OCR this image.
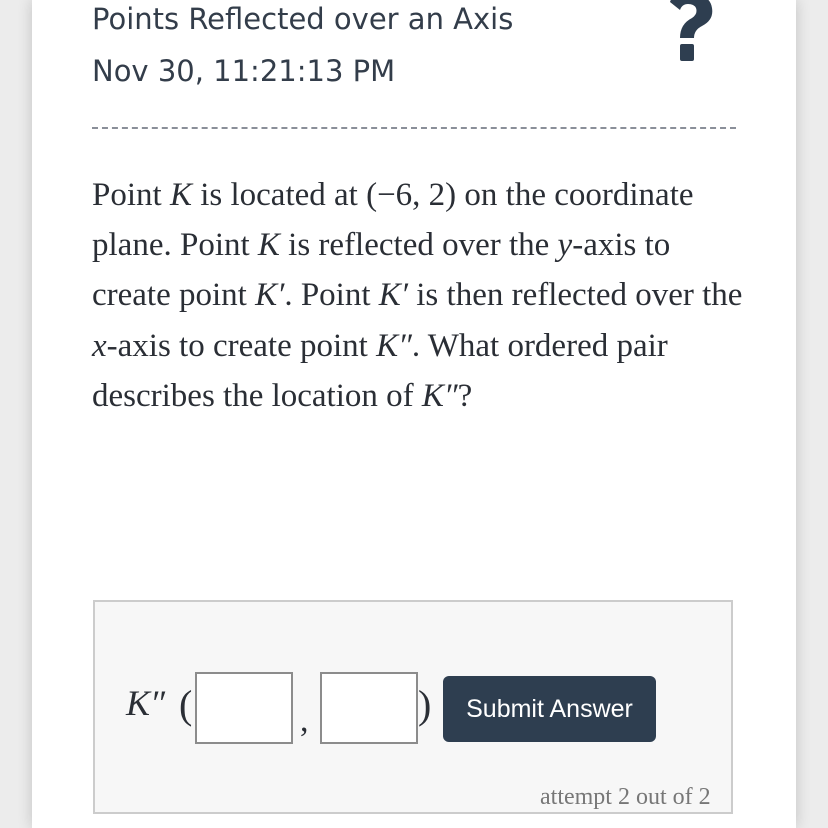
Points Reflected over an Axis
Nov 30, 11:21:13 PM
Point K is located at (−6, 2) on the coordinate plane. Point K is reflected over the y-axis to create point K′. Point K′ is then reflected over the x-axis to create point K″. What ordered pair describes the location of K″?
K″ (	,	)	Submit Answer
attempt 2 out of 2
